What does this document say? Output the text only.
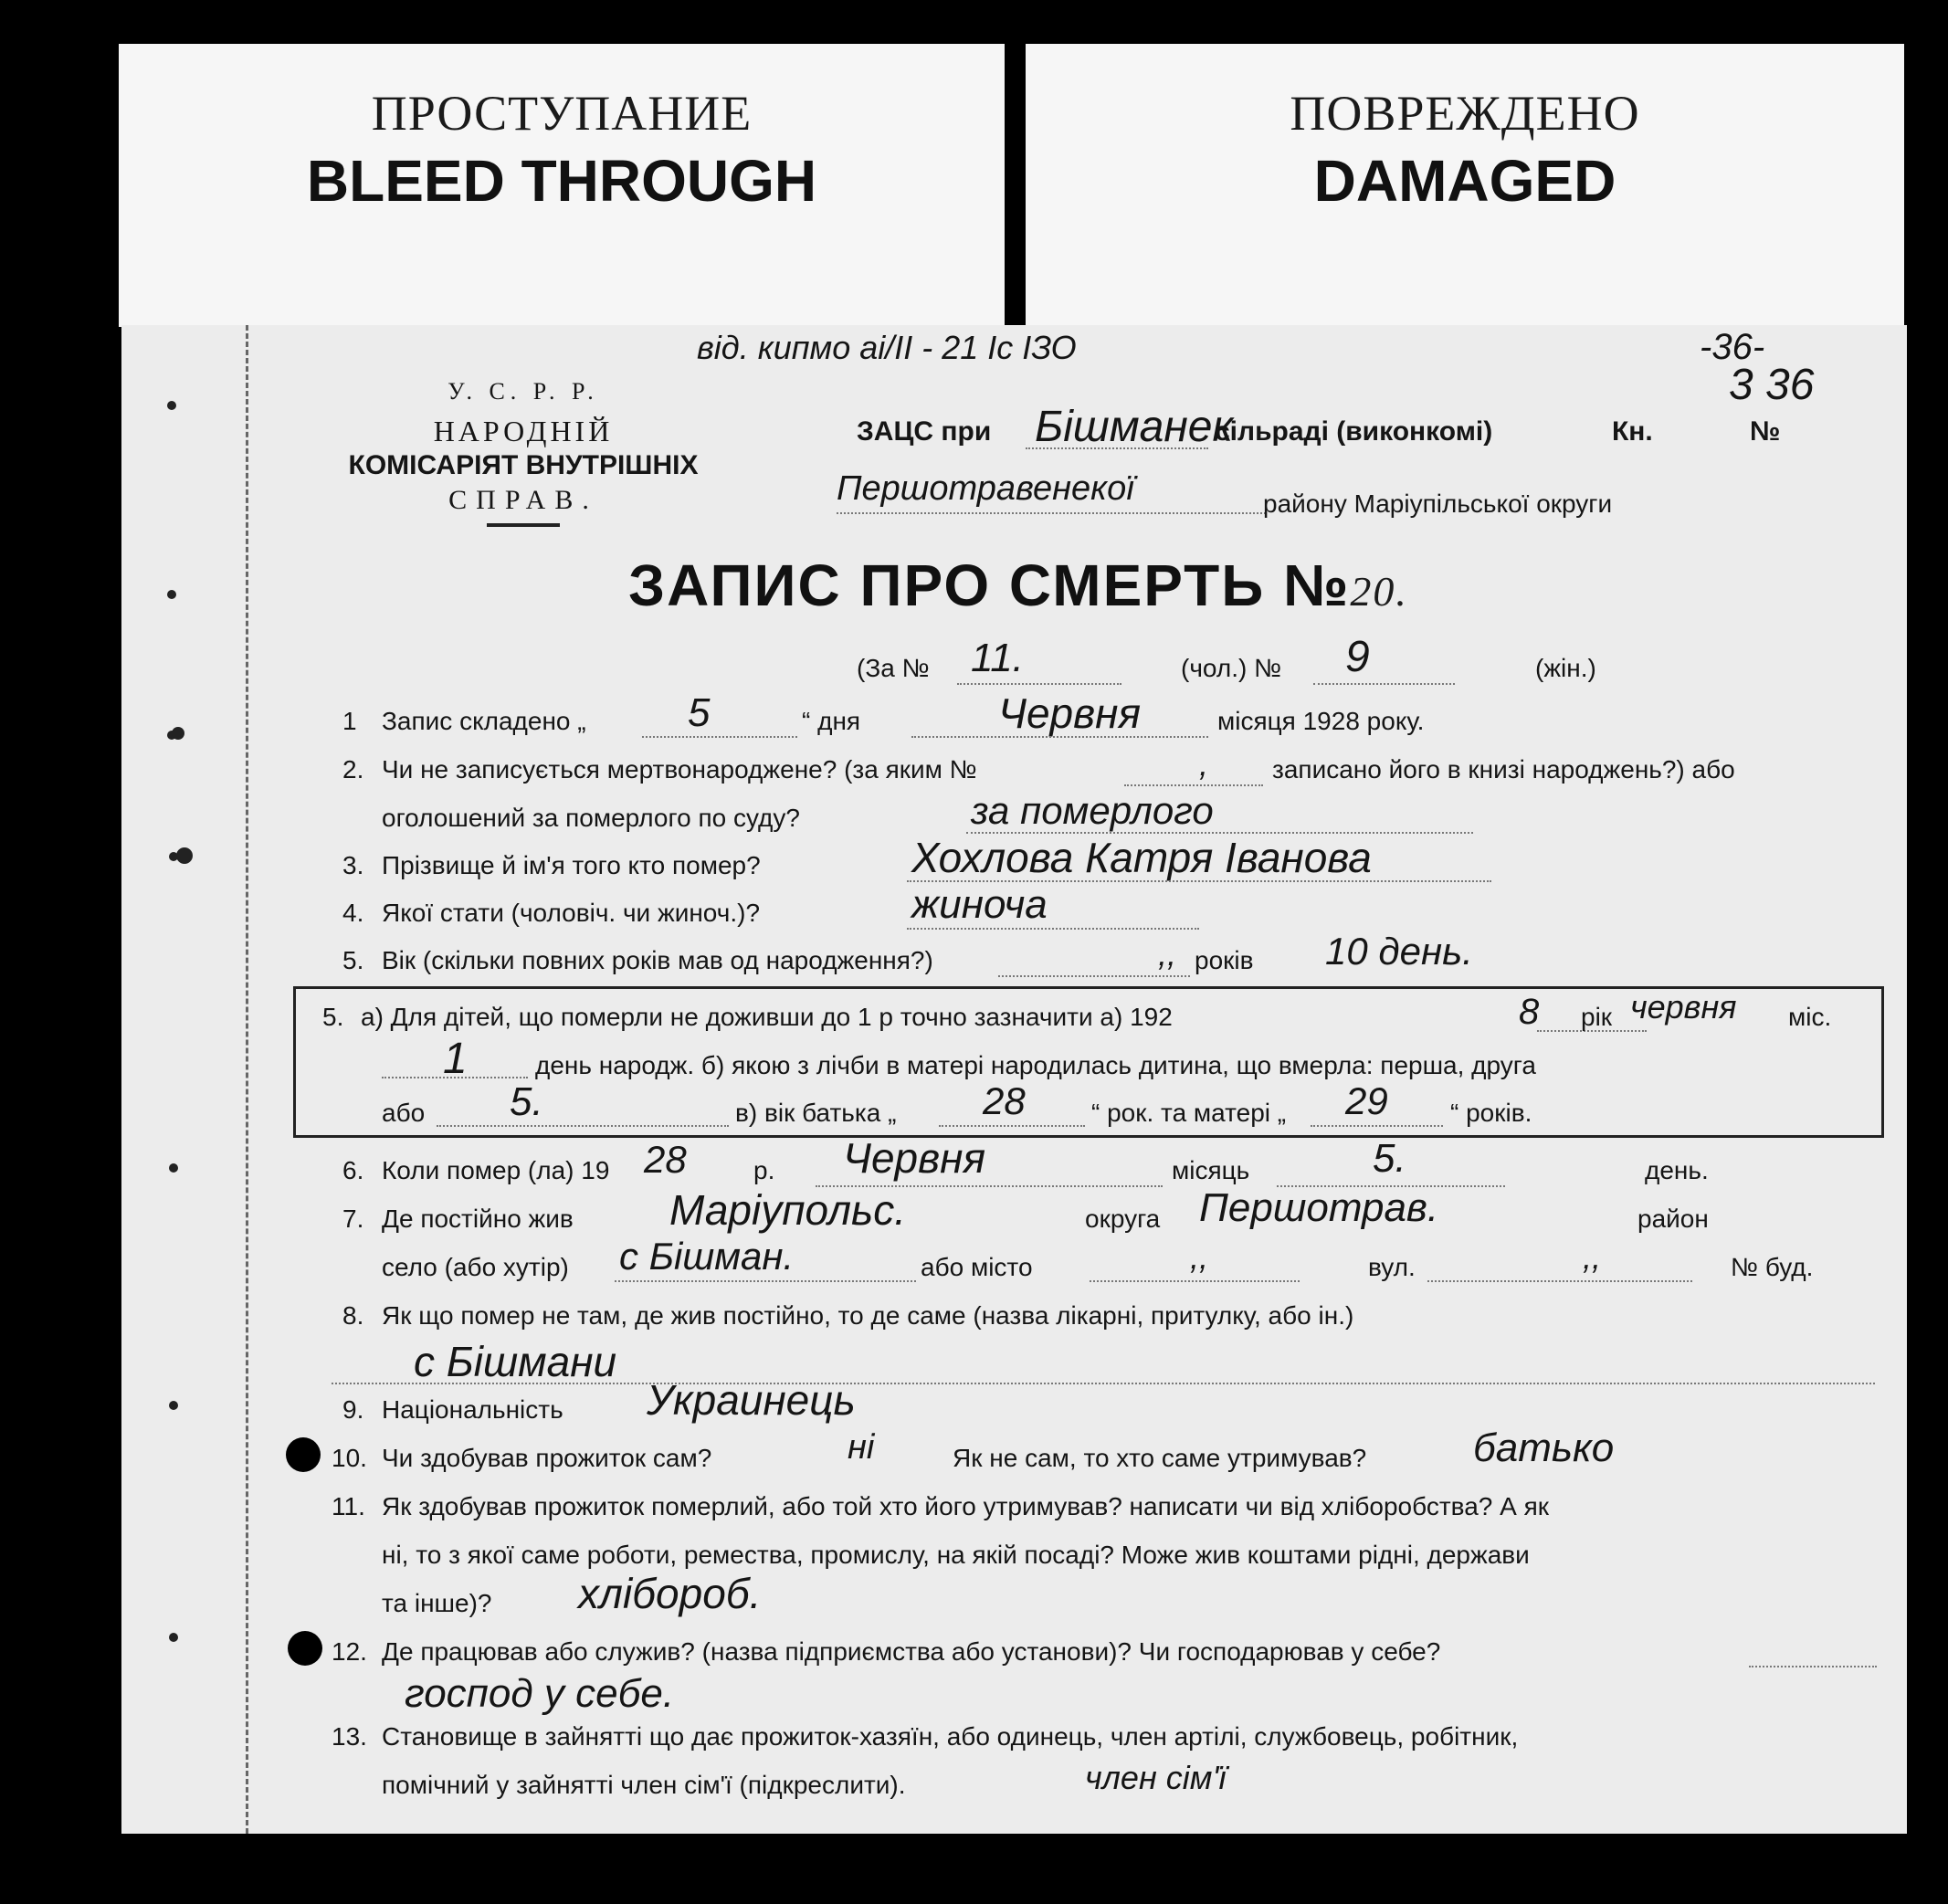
ПРОСТУПАНИЕ
BLEED THROUGH
ПОВРЕЖДЕНО
DAMAGED
від. кипмо аі/ІІ - 21 Іс ІЗО	-36-
3 36
У. С. Р. Р.
НАРОДНІЙ
КОМІСАРІЯТ ВНУТРІШНІХ
СПРАВ.
ЗАЦС при Бішманек
сільраді (виконкомі)	Кн.	№
Першотравенекої	району Маріупільської округи
ЗАПИС ПРО СМЕРТЬ №20.
(За № 11.	(чол.) № 9	(жін.)
1 Запис складено „	5	“ дня	Червня	місяця 1928 року.
2. Чи не записується мертвонароджене? (за яким №	, записано його в книзі народжень?) або
оголошений за померлого по суду?	за померлого
3. Прізвище й ім'я того кто помер?	Хохлова Катря Іванова
4. Якої стати (чоловіч. чи жиноч.)?	жиноча
5. Вік (скільки повних років мав од народження?)	,, років 10 день.
5. а) Для дітей, що померли не доживши до 1 р точно зазначити а) 192	8 рік червня міс.
1	день народж. б) якою з лічби в матері народилась дитина, що вмерла: перша, друга
або 5.	в) вік батька „ 28	“ рок. та матері „ 29 “ років.
6. Коли помер (ла) 19 28	р. Червня	місяць	5.	день.
7. Де постійно жив Маріупольс.	округа Першотрав.	район
село (або хутір) с Бішман.	або місто	,,	вул.	,,	№ буд.
8. Як що помер не там, де жив постійно, то де саме (назва лікарні, притулку, або ін.)
с Бішмани
9. Національність Украинець
10. Чи здобував прожиток сам?	ні	Як не сам, то хто саме утримував?	батько
11. Як здобував прожиток померлий, або той хто його утримував? написати чи від хліборобства? А як
ні, то з якої саме роботи, ремества, промислу, на якій посаді? Може жив коштами рідні, держави
та інше)? хлібороб.
12. Де працював або служив? (назва підприємства або установи)? Чи господарював у себе?
господ у себе.
13. Становище в зайнятті що дає прожиток-хазяїн, або одинець, член артілі, службовець, робітник,
помічний у зайнятті член сім'ї (підкреслити).	член сім'ї
